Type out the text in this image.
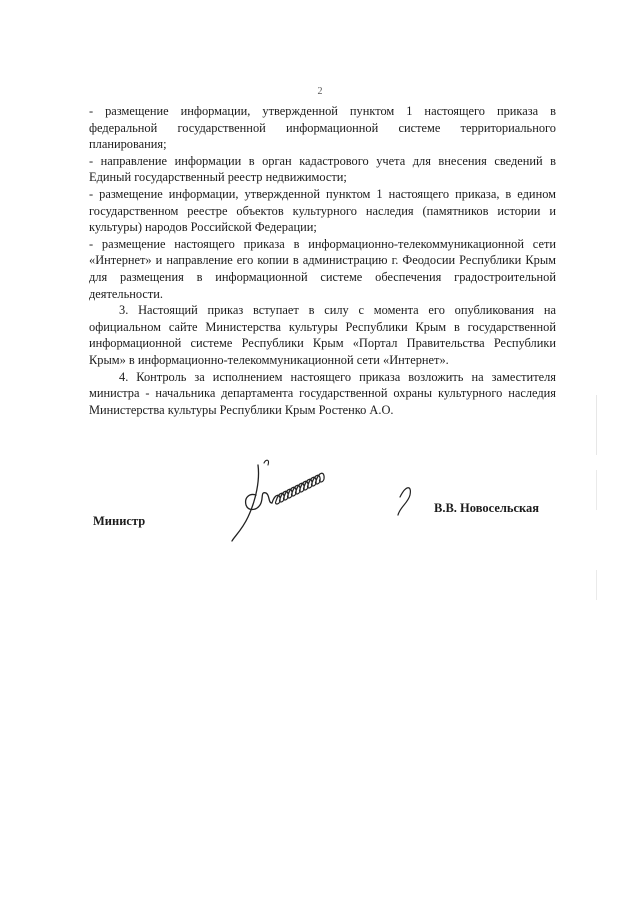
2

- размещение информации, утвержденной пунктом 1 настоящего приказа в федеральной государственной информационной системе территориального планирования;

- направление информации в орган кадастрового учета для внесения сведений в Единый государственный реестр недвижимости;

- размещение информации, утвержденной пунктом 1 настоящего приказа, в едином государственном реестре объектов культурного наследия (памятников истории и культуры) народов Российской Федерации;

- размещение настоящего приказа в информационно-телекоммуникационной сети «Интернет» и направление его копии в администрацию г. Феодосии Республики Крым для размещения в информационной системе обеспечения градостроительной деятельности.

3. Настоящий приказ вступает в силу с момента его опубликования на официальном сайте Министерства культуры Республики Крым в государственной информационной системе Республики Крым «Портал Правительства Республики Крым» в информационно-телекоммуникационной сети «Интернет».

4. Контроль за исполнением настоящего приказа возложить на заместителя министра - начальника департамента государственной охраны культурного наследия Министерства культуры Республики Крым Ростенко А.О.

Министр
В.В. Новосельская
